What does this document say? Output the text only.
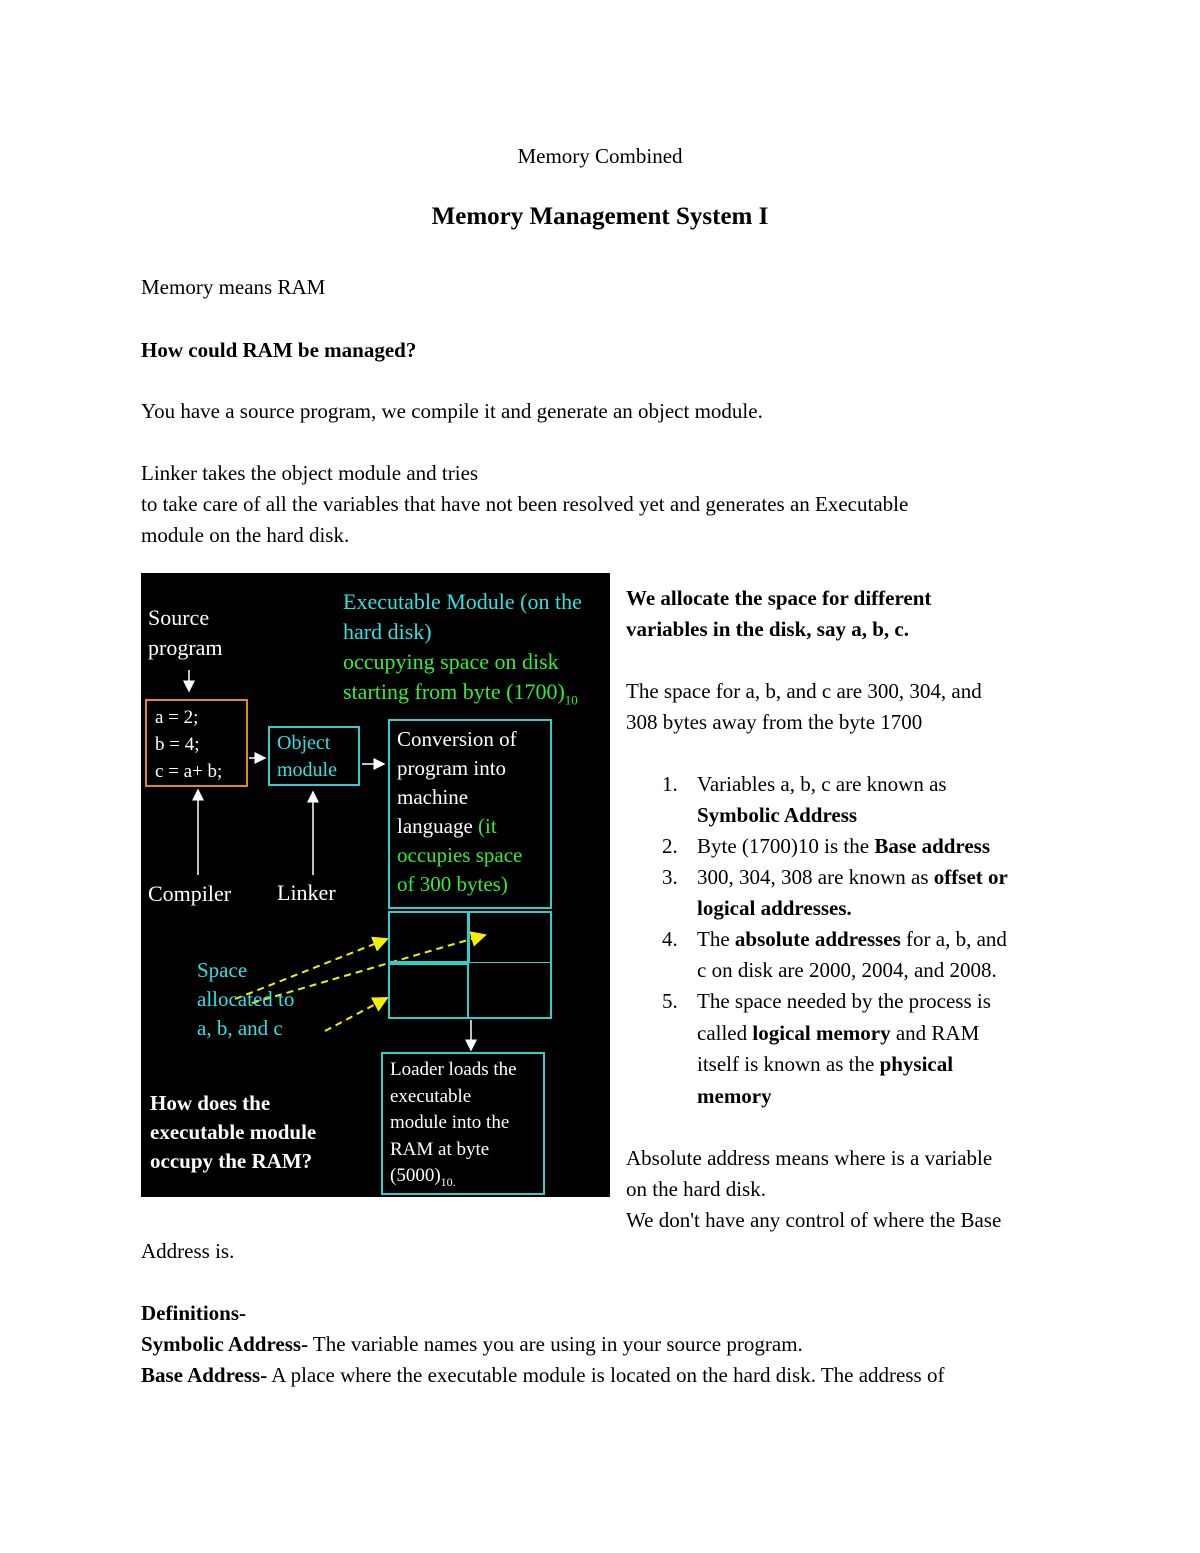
Memory Combined
Memory Management System I
Memory means RAM
How could RAM be managed?
You have a source program, we compile it and generate an object module.
Linker takes the object module and tries
to take care of all the variables that have not been resolved yet and generates an Executable
module on the hard disk.
Source
program
Executable Module (on the
hard disk)
occupying space on disk
starting from byte $(1700)_{10}$
a = 2;
b = 4;
c = a+ b;
Object
module
Conversion of
program into
machine
language (it
occupies space
of 300 bytes)
Compiler Linker
Space
allocated to
a, b, and c
How does the
executable module
occupy the RAM?
Loader loads the
executable
module into the
RAM at byte
$(5000)_{10.}$
We allocate the space for different
variables in the disk, say a, b, c.
The space for a, b, and c are 300, 304, and
308 bytes away from the byte 1700
1. Variables a, b, c are known as
Symbolic Address
2. Byte (1700)10 is the Base address
3. 300, 304, 308 are known as offset or
logical addresses.
4. The absolute addresses for a, b, and
c on disk are 2000, 2004, and 2008.
5. The space needed by the process is
called logical memory and RAM
itself is known as the physical
memory
Absolute address means where is a variable
on the hard disk.
We don't have any control of where the Base
Address is.
Definitions-
Symbolic Address- The variable names you are using in your source program.
Base Address- A place where the executable module is located on the hard disk. The address of
